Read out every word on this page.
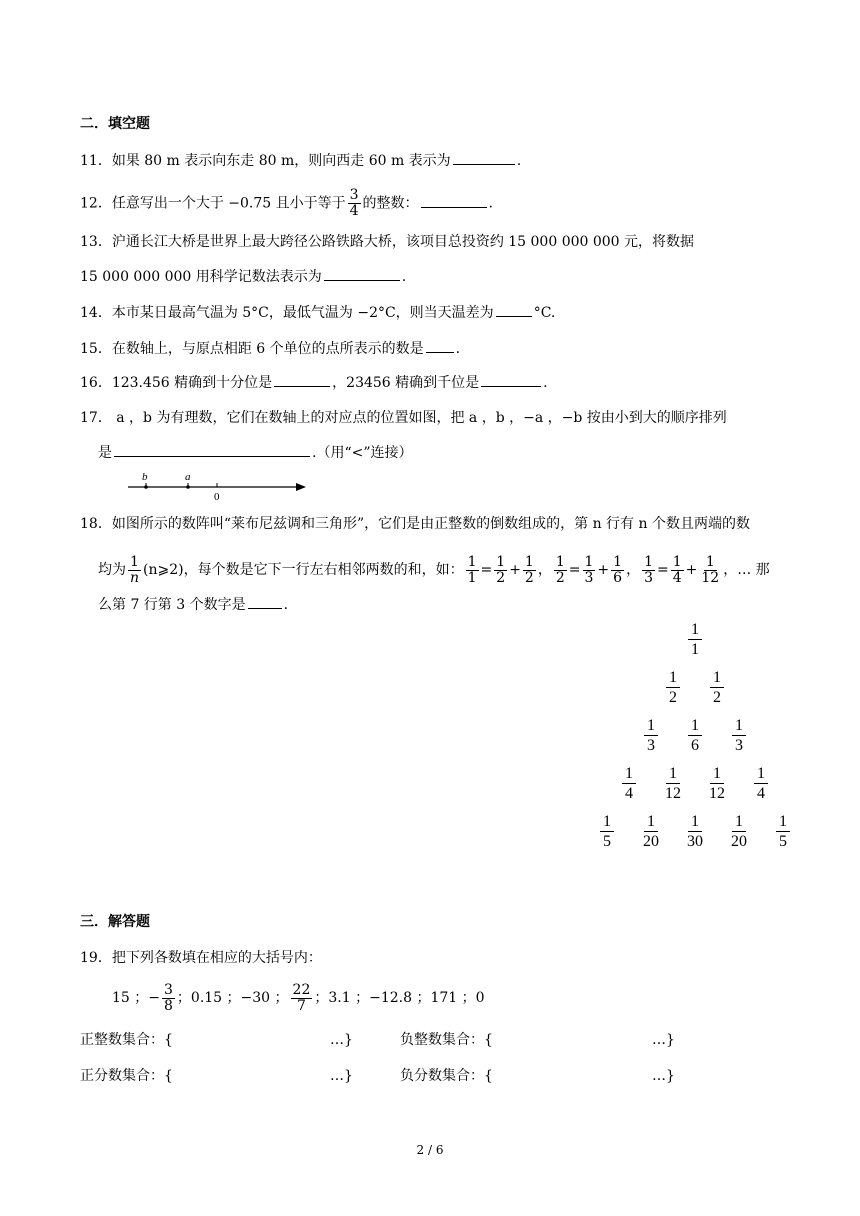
二．填空题
11．如果 80 m 表示向东走 80 m，则向西走 60 m 表示为	.
12．任意写出一个大于 −0.75 且小于等于 $\frac{3}{4}$ 的整数：	.
13．沪通长江大桥是世界上最大跨径公路铁路大桥，该项目总投资约 15 000 000 000 元，将数据
15 000 000 000 用科学记数法表示为	.
14．本市某日最高气温为 5°C，最低气温为 −2°C，则当天温差为	°C.
15．在数轴上，与原点相距 6 个单位的点所表示的数是 .
16．123.456 精确到十分位是	，23456 精确到千位是	.
17． a ，b 为有理数，它们在数轴上的对应点的位置如图，把 a ，b ，−a ，−b 按由小到大的顺序排列
是	.（用“<”连接）
b	a
0
18．如图所示的数阵叫“莱布尼兹调和三角形”，它们是由正整数的倒数组成的，第 n 行有 n 个数且两端的数
均为 $\frac{1}{n}$ (n⩾2)，每个数是它下一行左右相邻两数的和，如： $\frac{1}{1} = \frac{1}{2} + \frac{1}{2}$ ， $\frac{1}{2} = \frac{1}{3} + \frac{1}{6}$ ， $\frac{1}{3} = \frac{1}{4} + \frac{1}{12}$ ，… 那
么第 7 行第 3 个数字是	.
$\frac{1}{1}$
$\frac{1}{2} \frac{1}{2}$
$\frac{1}{3} \frac{1}{6} \frac{1}{3}$
$\frac{1}{4} \frac{1}{12} \frac{1}{12} \frac{1}{4}$
$\frac{1}{5} \frac{1}{20} \frac{1}{30} \frac{1}{20} \frac{1}{5}$
三．解答题
19．把下列各数填在相应的大括号内：
15 ；− $\frac{3}{8}$ ；0.15 ；−30 ； $\frac{22}{7}$ ；3.1 ；−12.8 ；171 ；0
正整数集合：{	…}	负整数集合：{	…}
正分数集合：{	…}	负分数集合：{	…}
2 / 6
